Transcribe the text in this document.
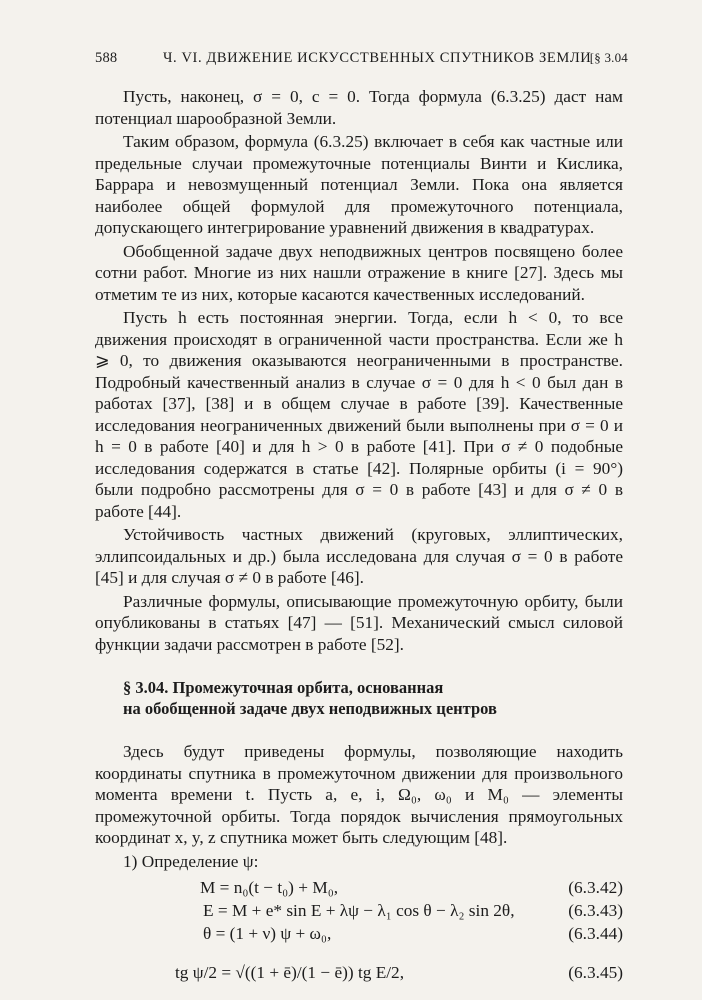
588	Ч. VI. ДВИЖЕНИЕ ИСКУССТВЕННЫХ СПУТНИКОВ ЗЕМЛИ
[§ 3.04

Пусть, наконец, σ = 0, c = 0. Тогда формула (6.3.25) даст нам потенциал шарообразной Земли.

Таким образом, формула (6.3.25) включает в себя как частные или предельные случаи промежуточные потенциалы Винти и Кислика, Баррара и невозмущенный потенциал Земли. Пока она является наиболее общей формулой для промежуточного потенциала, допускающего интегрирование уравнений движения в квадратурах.

Обобщенной задаче двух неподвижных центров посвящено более сотни работ. Многие из них нашли отражение в книге [27]. Здесь мы отметим те из них, которые касаются качественных исследований.

Пусть h есть постоянная энергии. Тогда, если h < 0, то все движения происходят в ограниченной части пространства. Если же h ⩾ 0, то движения оказываются неограниченными в пространстве. Подробный качественный анализ в случае σ = 0 для h < 0 был дан в работах [37], [38] и в общем случае в работе [39]. Качественные исследования неограниченных движений были выполнены при σ = 0 и h = 0 в работе [40] и для h > 0 в работе [41]. При σ ≠ 0 подобные исследования содержатся в статье [42]. Полярные орбиты (i = 90°) были подробно рассмотрены для σ = 0 в работе [43] и для σ ≠ 0 в работе [44].

Устойчивость частных движений (круговых, эллиптических, эллипсоидальных и др.) была исследована для случая σ = 0 в работе [45] и для случая σ ≠ 0 в работе [46].

Различные формулы, описывающие промежуточную орбиту, были опубликованы в статьях [47] — [51]. Механический смысл силовой функции задачи рассмотрен в работе [52].

§ 3.04. Промежуточная орбита, основанная
на обобщенной задаче двух неподвижных центров

Здесь будут приведены формулы, позволяющие находить координаты спутника в промежуточном движении для произвольного момента времени t. Пусть a, e, i, Ω₀, ω₀ и M₀ — элементы промежуточной орбиты. Тогда порядок вычисления прямоугольных координат x, y, z спутника может быть следующим [48].

1) Определение ψ:

M = n₀(t − t₀) + M₀,	(6.3.42)
E = M + e* sin E + λψ − λ₁ cos θ − λ₂ sin 2θ,	(6.3.43)
θ = (1 + ν) ψ + ω₀,	(6.3.44)
tg ψ/2 = √((1 + ē)/(1 − ē)) tg E/2,	(6.3.45)
